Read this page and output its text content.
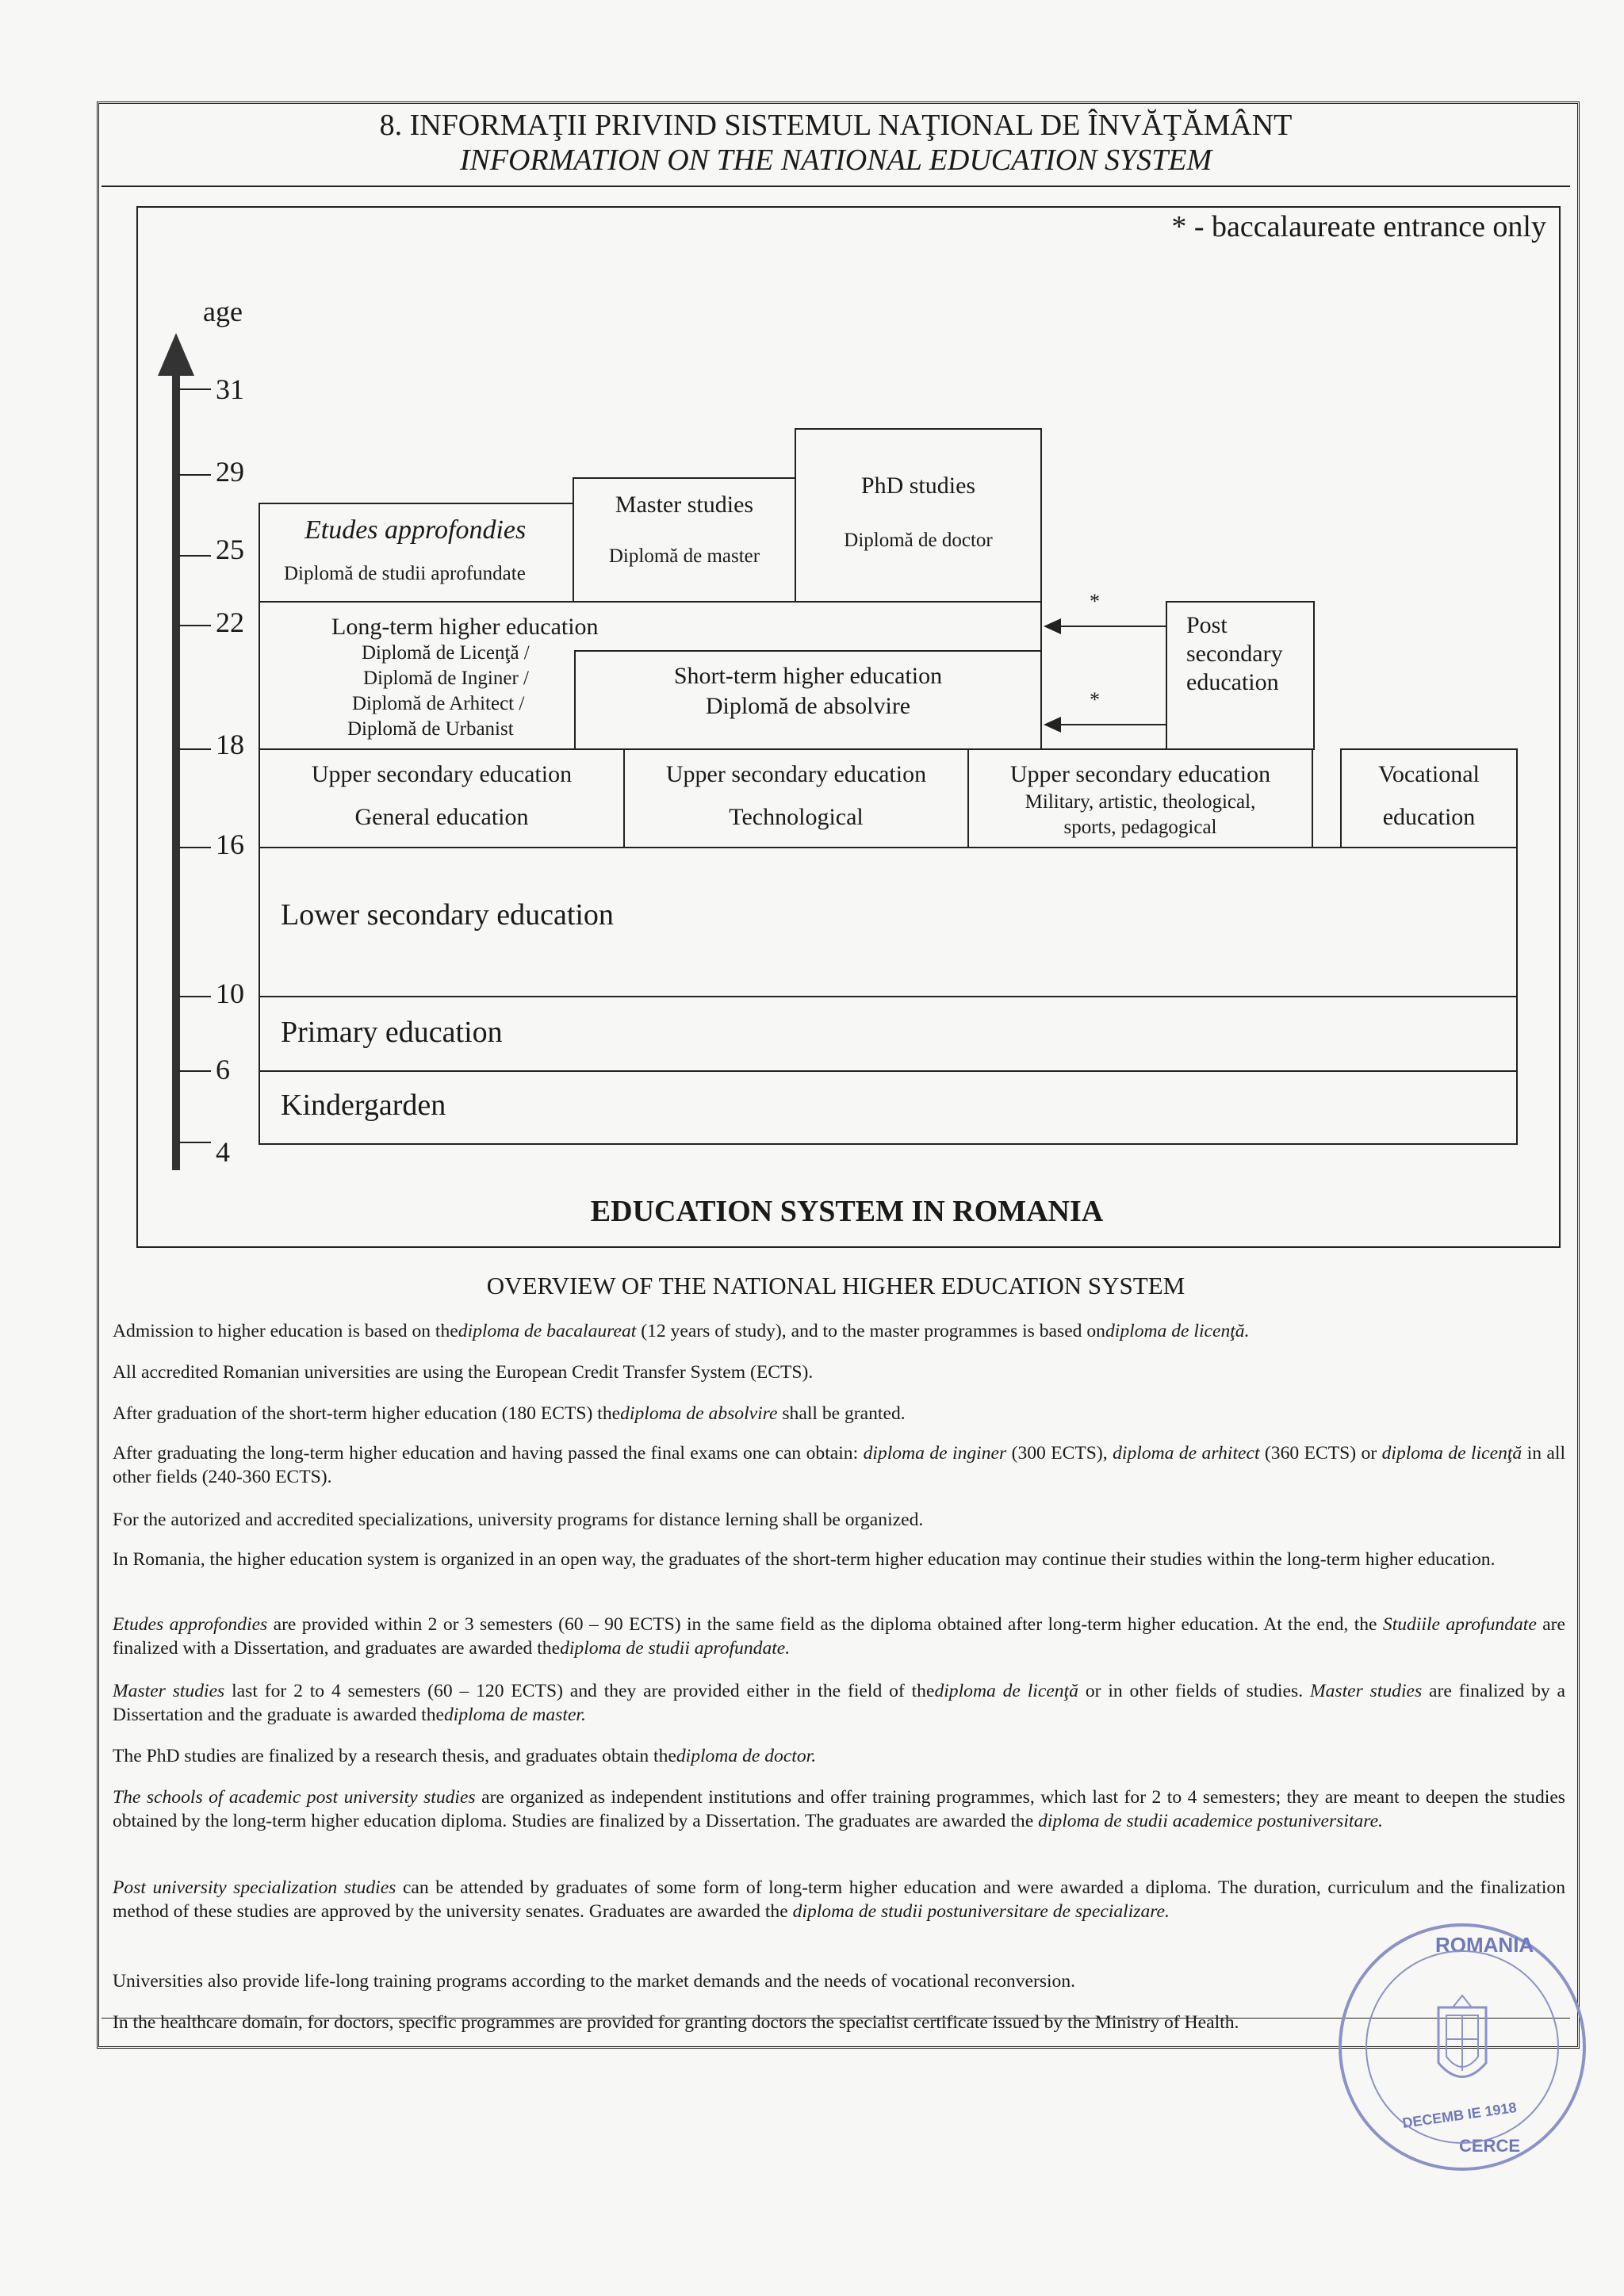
8. INFORMAŢII PRIVIND SISTEMUL NAŢIONAL DE ÎNVĂŢĂMÂNT
INFORMATION ON THE NATIONAL EDUCATION SYSTEM
* - baccalaureate entrance only
age
31
29
25
22
18
16
10
6
4
Kindergarden
Primary education
Lower secondary education
Upper secondary education
General education
Upper secondary education
Technological
Upper secondary education
Military, artistic, theological,
sports, pedagogical
Vocational
education
Long-term higher education
Diplomă de Licenţă /
Diplomă de Inginer /
Diplomă de Arhitect /
Diplomă de Urbanist
Short-term higher education
Diplomă de absolvire
Etudes approfondies
Diplomă de studii aprofundate
Master studies
Diplomă de master
PhD studies
Diplomă de doctor
Post
secondary
education
*
*
EDUCATION SYSTEM IN ROMANIA
OVERVIEW OF THE NATIONAL HIGHER EDUCATION SYSTEM
Admission to higher education is based on thediploma de bacalaureat (12 years of study), and to the master programmes is based ondiploma de licenţă.
All accredited Romanian universities are using the European Credit Transfer System (ECTS).
After graduation of the short-term higher education (180 ECTS) thediploma de absolvire shall be granted.
After graduating the long-term higher education and having passed the final exams one can obtain: diploma de inginer (300 ECTS), diploma de arhitect (360 ECTS) or diploma de licenţă in all other fields (240-360 ECTS).
For the autorized and accredited specializations, university programs for distance lerning shall be organized.
In Romania, the higher education system is organized in an open way, the graduates of the short-term higher education may continue their studies within the long-term higher education.
Etudes approfondies are provided within 2 or 3 semesters (60 – 90 ECTS) in the same field as the diploma obtained after long-term higher education. At the end, the Studiile aprofundate are finalized with a Dissertation, and graduates are awarded thediploma de studii aprofundate.
Master studies last for 2 to 4 semesters (60 – 120 ECTS) and they are provided either in the field of thediploma de licenţă or in other fields of studies. Master studies are finalized by a Dissertation and the graduate is awarded thediploma de master.
The PhD studies are finalized by a research thesis, and graduates obtain thediploma de doctor.
The schools of academic post university studies are organized as independent institutions and offer training programmes, which last for 2 to 4 semesters; they are meant to deepen the studies obtained by the long-term higher education diploma. Studies are finalized by a Dissertation. The graduates are awarded the diploma de studii academice postuniversitare.
Post university specialization studies can be attended by graduates of some form of long-term higher education and were awarded a diploma. The duration, curriculum and the finalization method of these studies are approved by the university senates. Graduates are awarded the diploma de studii postuniversitare de specializare.
Universities also provide life-long training programs according to the market demands and the needs of vocational reconversion.
In the healthcare domain, for doctors, specific programmes are provided for granting doctors the specialist certificate issued by the Ministry of Health.
ROMANIA
DECEMB IE 1918
CERCE
